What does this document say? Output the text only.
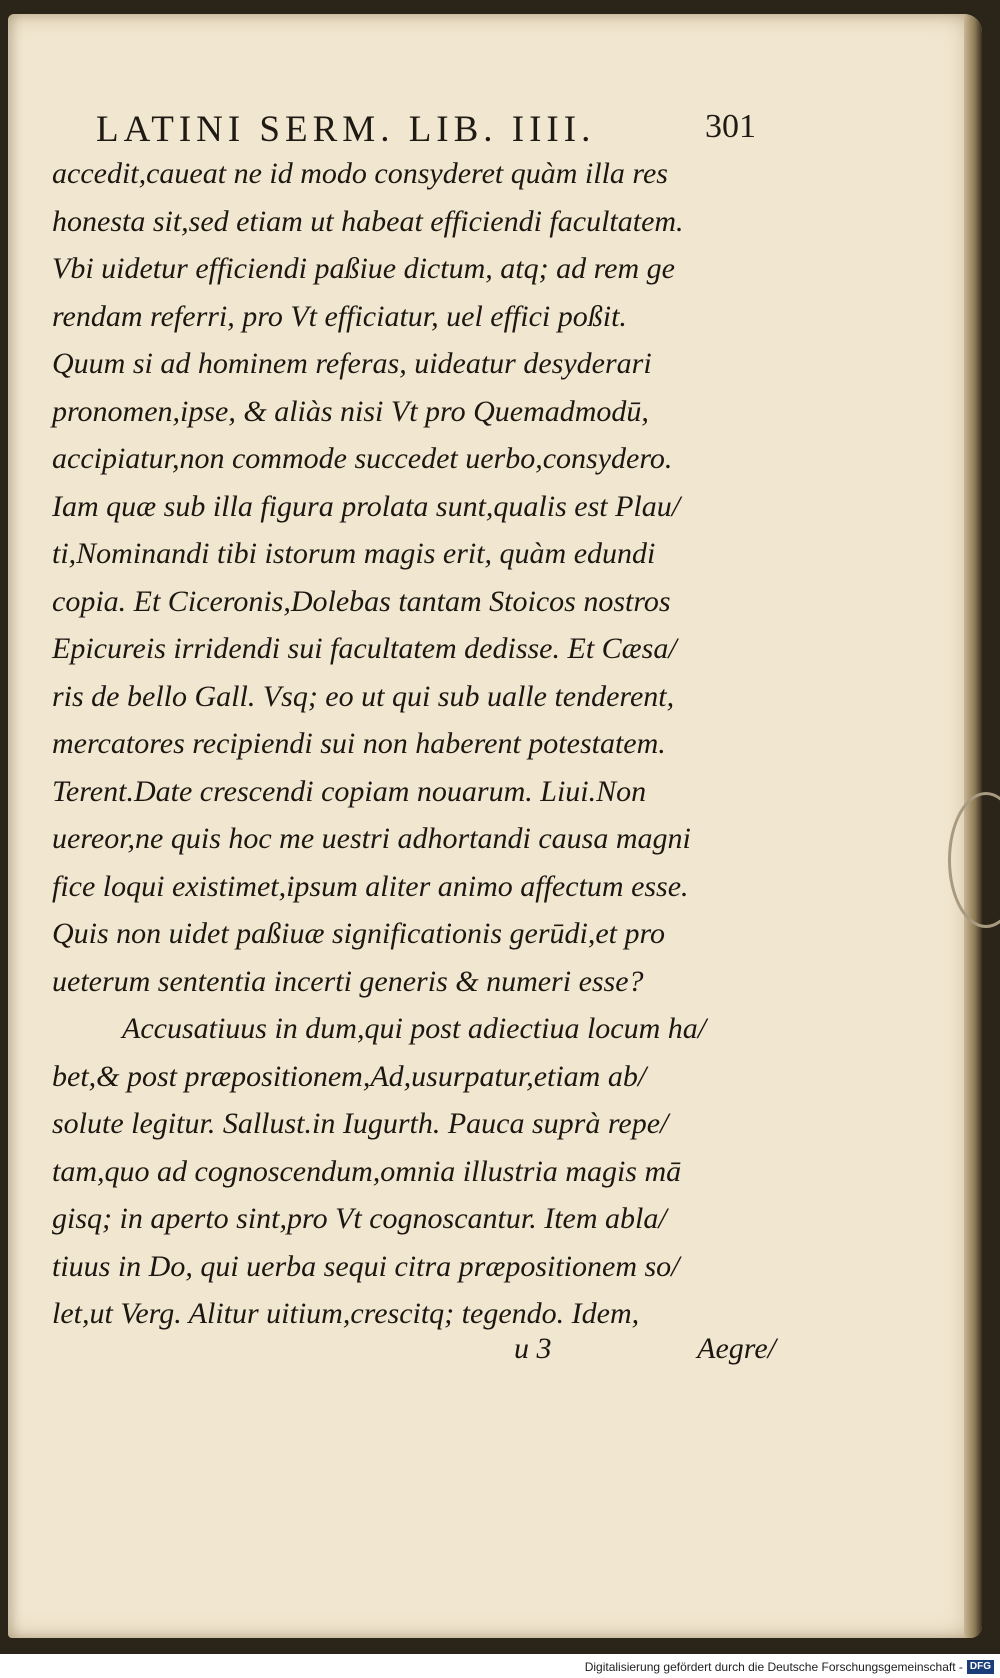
LATINI SERM. LIB. IIII.	301
accedit,caueat ne id modo consyderet quàm illa res
honesta sit,sed etiam ut habeat efficiendi facultatem.
Vbi uidetur efficiendi paßiue dictum, atq; ad rem ge
rendam referri, pro Vt efficiatur, uel effici poßit.
Quum si ad hominem referas, uideatur desyderari
pronomen,ipse, & aliàs nisi Vt pro Quemadmodū,
accipiatur,non commode succedet uerbo,consydero.
Iam quæ sub illa figura prolata sunt,qualis est Plau/
ti,Nominandi tibi istorum magis erit, quàm edundi
copia. Et Ciceronis,Dolebas tantam Stoicos nostros
Epicureis irridendi sui facultatem dedisse. Et Cæsa/
ris de bello Gall. Vsq; eo ut qui sub ualle tenderent,
mercatores recipiendi sui non haberent potestatem.
Terent.Date crescendi copiam nouarum. Liui.Non
uereor,ne quis hoc me uestri adhortandi causa magni
fice loqui existimet,ipsum aliter animo affectum esse.
Quis non uidet paßiuæ significationis gerūdi,et pro
ueterum sententia incerti generis & numeri esse?
Accusatiuus in dum,qui post adiectiua locum ha/
bet,& post præpositionem,Ad,usurpatur,etiam ab/
solute legitur. Sallust.in Iugurth. Pauca suprà repe/
tam,quo ad cognoscendum,omnia illustria magis mā
gisq; in aperto sint,pro Vt cognoscantur. Item abla/
tiuus in Do, qui uerba sequi citra præpositionem so/
let,ut Verg. Alitur uitium,crescitq; tegendo. Idem,
u 3	Aegre/
Digitalisierung gefördert durch die Deutsche Forschungsgemeinschaft - DFG
